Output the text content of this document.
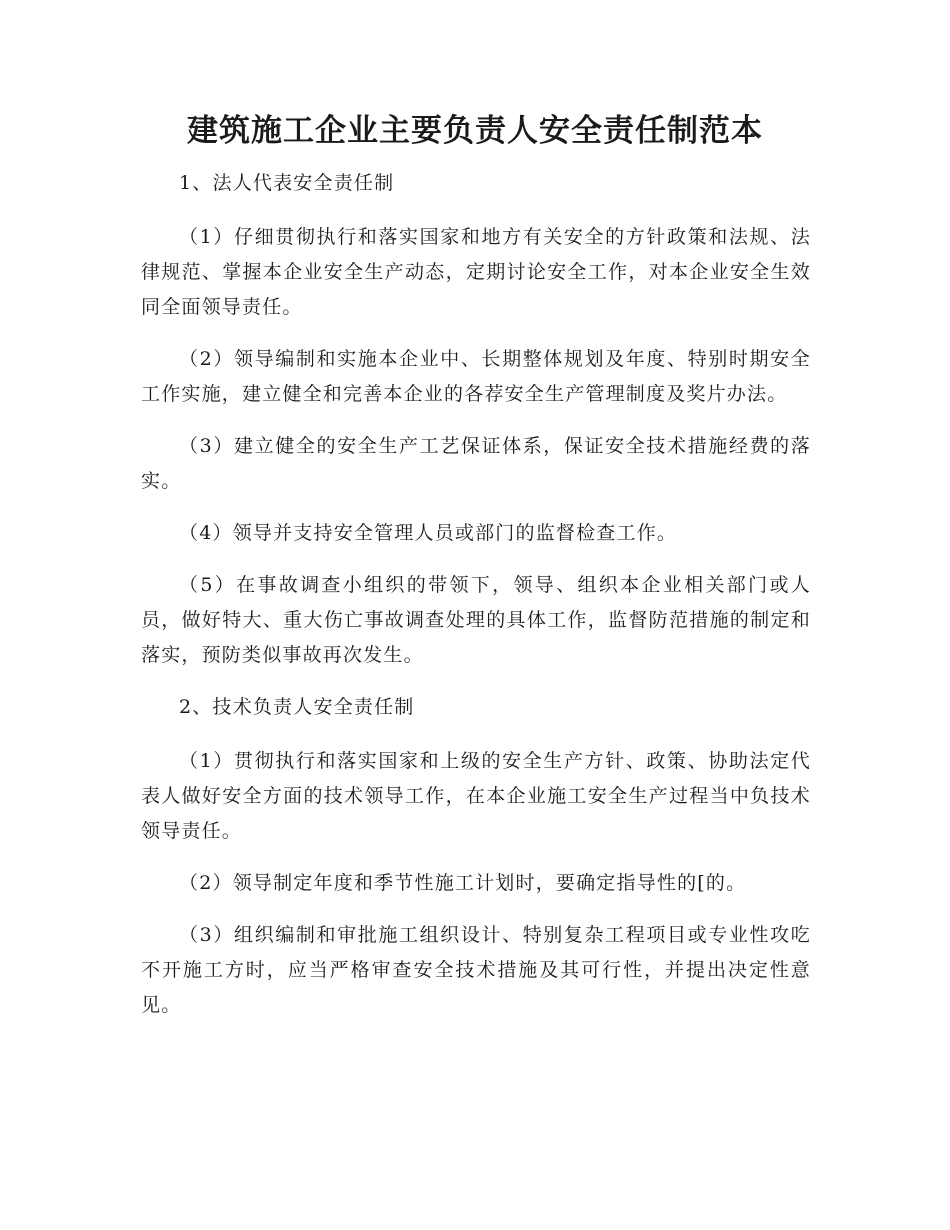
建筑施工企业主要负责人安全责任制范本

1、法人代表安全责任制

（1）仔细贯彻执行和落实国家和地方有关安全的方针政策和法规、法律规范、掌握本企业安全生产动态，定期讨论安全工作，对本企业安全生效同全面领导责任。

（2）领导编制和实施本企业中、长期整体规划及年度、特别时期安全工作实施，建立健全和完善本企业的各荐安全生产管理制度及奖片办法。

（3）建立健全的安全生产工艺保证体系，保证安全技术措施经费的落实。

（4）领导并支持安全管理人员或部门的监督检查工作。

（5）在事故调查小组织的带领下，领导、组织本企业相关部门或人员，做好特大、重大伤亡事故调查处理的具体工作，监督防范措施的制定和落实，预防类似事故再次发生。

2、技术负责人安全责任制

（1）贯彻执行和落实国家和上级的安全生产方针、政策、协助法定代表人做好安全方面的技术领导工作，在本企业施工安全生产过程当中负技术领导责任。

（2）领导制定年度和季节性施工计划时，要确定指导性的[的。

（3）组织编制和审批施工组织设计、特别复杂工程项目或专业性攻吃不开施工方时，应当严格审查安全技术措施及其可行性，并提出决定性意见。
